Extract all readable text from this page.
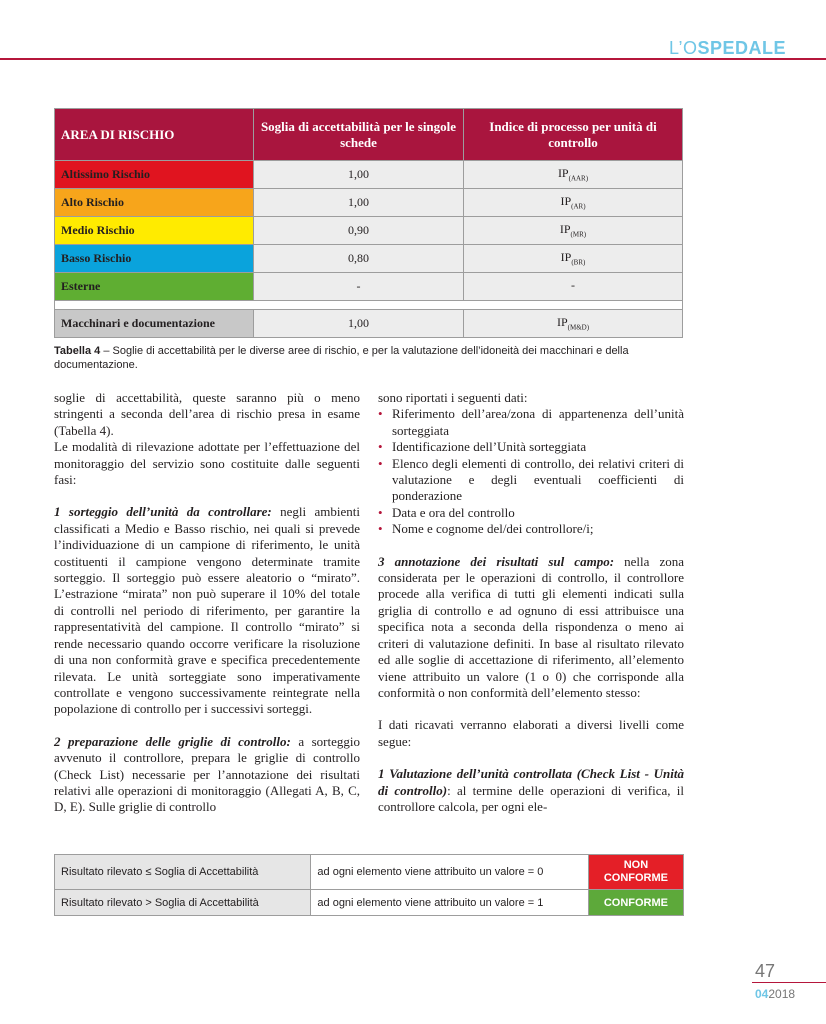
L’OSPEDALE
AREA DI RISCHIO	Soglia di accettabilità per le singole schede	Indice di processo per unità di controllo
Altissimo Rischio	1,00	$IP_{(AAR)}$
Alto Rischio	1,00	$IP_{(AR)}$
Medio Rischio	0,90	$IP_{(MR)}$
Basso Rischio	0,80	$IP_{(BR)}$
Esterne	-	-

Macchinari e documentazione	1,00	$IP_{(M\&D)}$
Tabella 4 – Soglie di accettabilità per le diverse aree di rischio, e per la valutazione dell’idoneità dei macchinari e della documentazione.

soglie di accettabilità, queste saranno più o meno stringenti a seconda dell’area di rischio presa in esame (Tabella 4).

Le modalità di rilevazione adottate per l’effettuazione del monitoraggio del servizio sono costituite dalle seguenti fasi:

1 sorteggio dell’unità da controllare: negli ambienti classificati a Medio e Basso rischio, nei quali si prevede l’individuazione di un campione di riferimento, le unità costituenti il campione vengono determinate tramite sorteggio. Il sorteggio può essere aleatorio o “mirato”. L’estrazione “mirata” non può superare il 10% del totale di controlli nel periodo di riferimento, per garantire la rappresentatività del campione. Il controllo “mirato” si rende necessario quando occorre verificare la risoluzione di una non conformità grave e specifica precedentemente rilevata. Le unità sorteggiate sono imperativamente controllate e vengono successivamente reintegrate nella popolazione di controllo per i successivi sorteggi.

2 preparazione delle griglie di controllo: a sorteggio avvenuto il controllore, prepara le griglie di controllo (Check List) necessarie per l’annotazione dei risultati relativi alle operazioni di monitoraggio (Allegati A, B, C, D, E). Sulle griglie di controllo

sono riportati i seguenti dati:

• Riferimento dell’area/zona di appartenenza dell’unità sorteggiata
• Identificazione dell’Unità sorteggiata
• Elenco degli elementi di controllo, dei relativi criteri di valutazione e degli eventuali coefficienti di ponderazione
• Data e ora del controllo
• Nome e cognome del/dei controllore/i;

3 annotazione dei risultati sul campo: nella zona considerata per le operazioni di controllo, il controllore procede alla verifica di tutti gli elementi indicati sulla griglia di controllo e ad ognuno di essi attribuisce una specifica nota a seconda della rispondenza o meno ai criteri di valutazione definiti. In base al risultato rilevato ed alle soglie di accettazione di riferimento, all’elemento viene attribuito un valore (1 o 0) che corrisponde alla conformità o non conformità dell’elemento stesso:

I dati ricavati verranno elaborati a diversi livelli come segue:

1 Valutazione dell’unità controllata (Check List - Unità di controllo): al termine delle operazioni di verifica, il controllore calcola, per ogni ele-

Risultato rilevato ≤ Soglia di Accettabilità	ad ogni elemento viene attribuito un valore = 0	NON
CONFORME
Risultato rilevato > Soglia di Accettabilità	ad ogni elemento viene attribuito un valore = 1	CONFORME
47
042018
